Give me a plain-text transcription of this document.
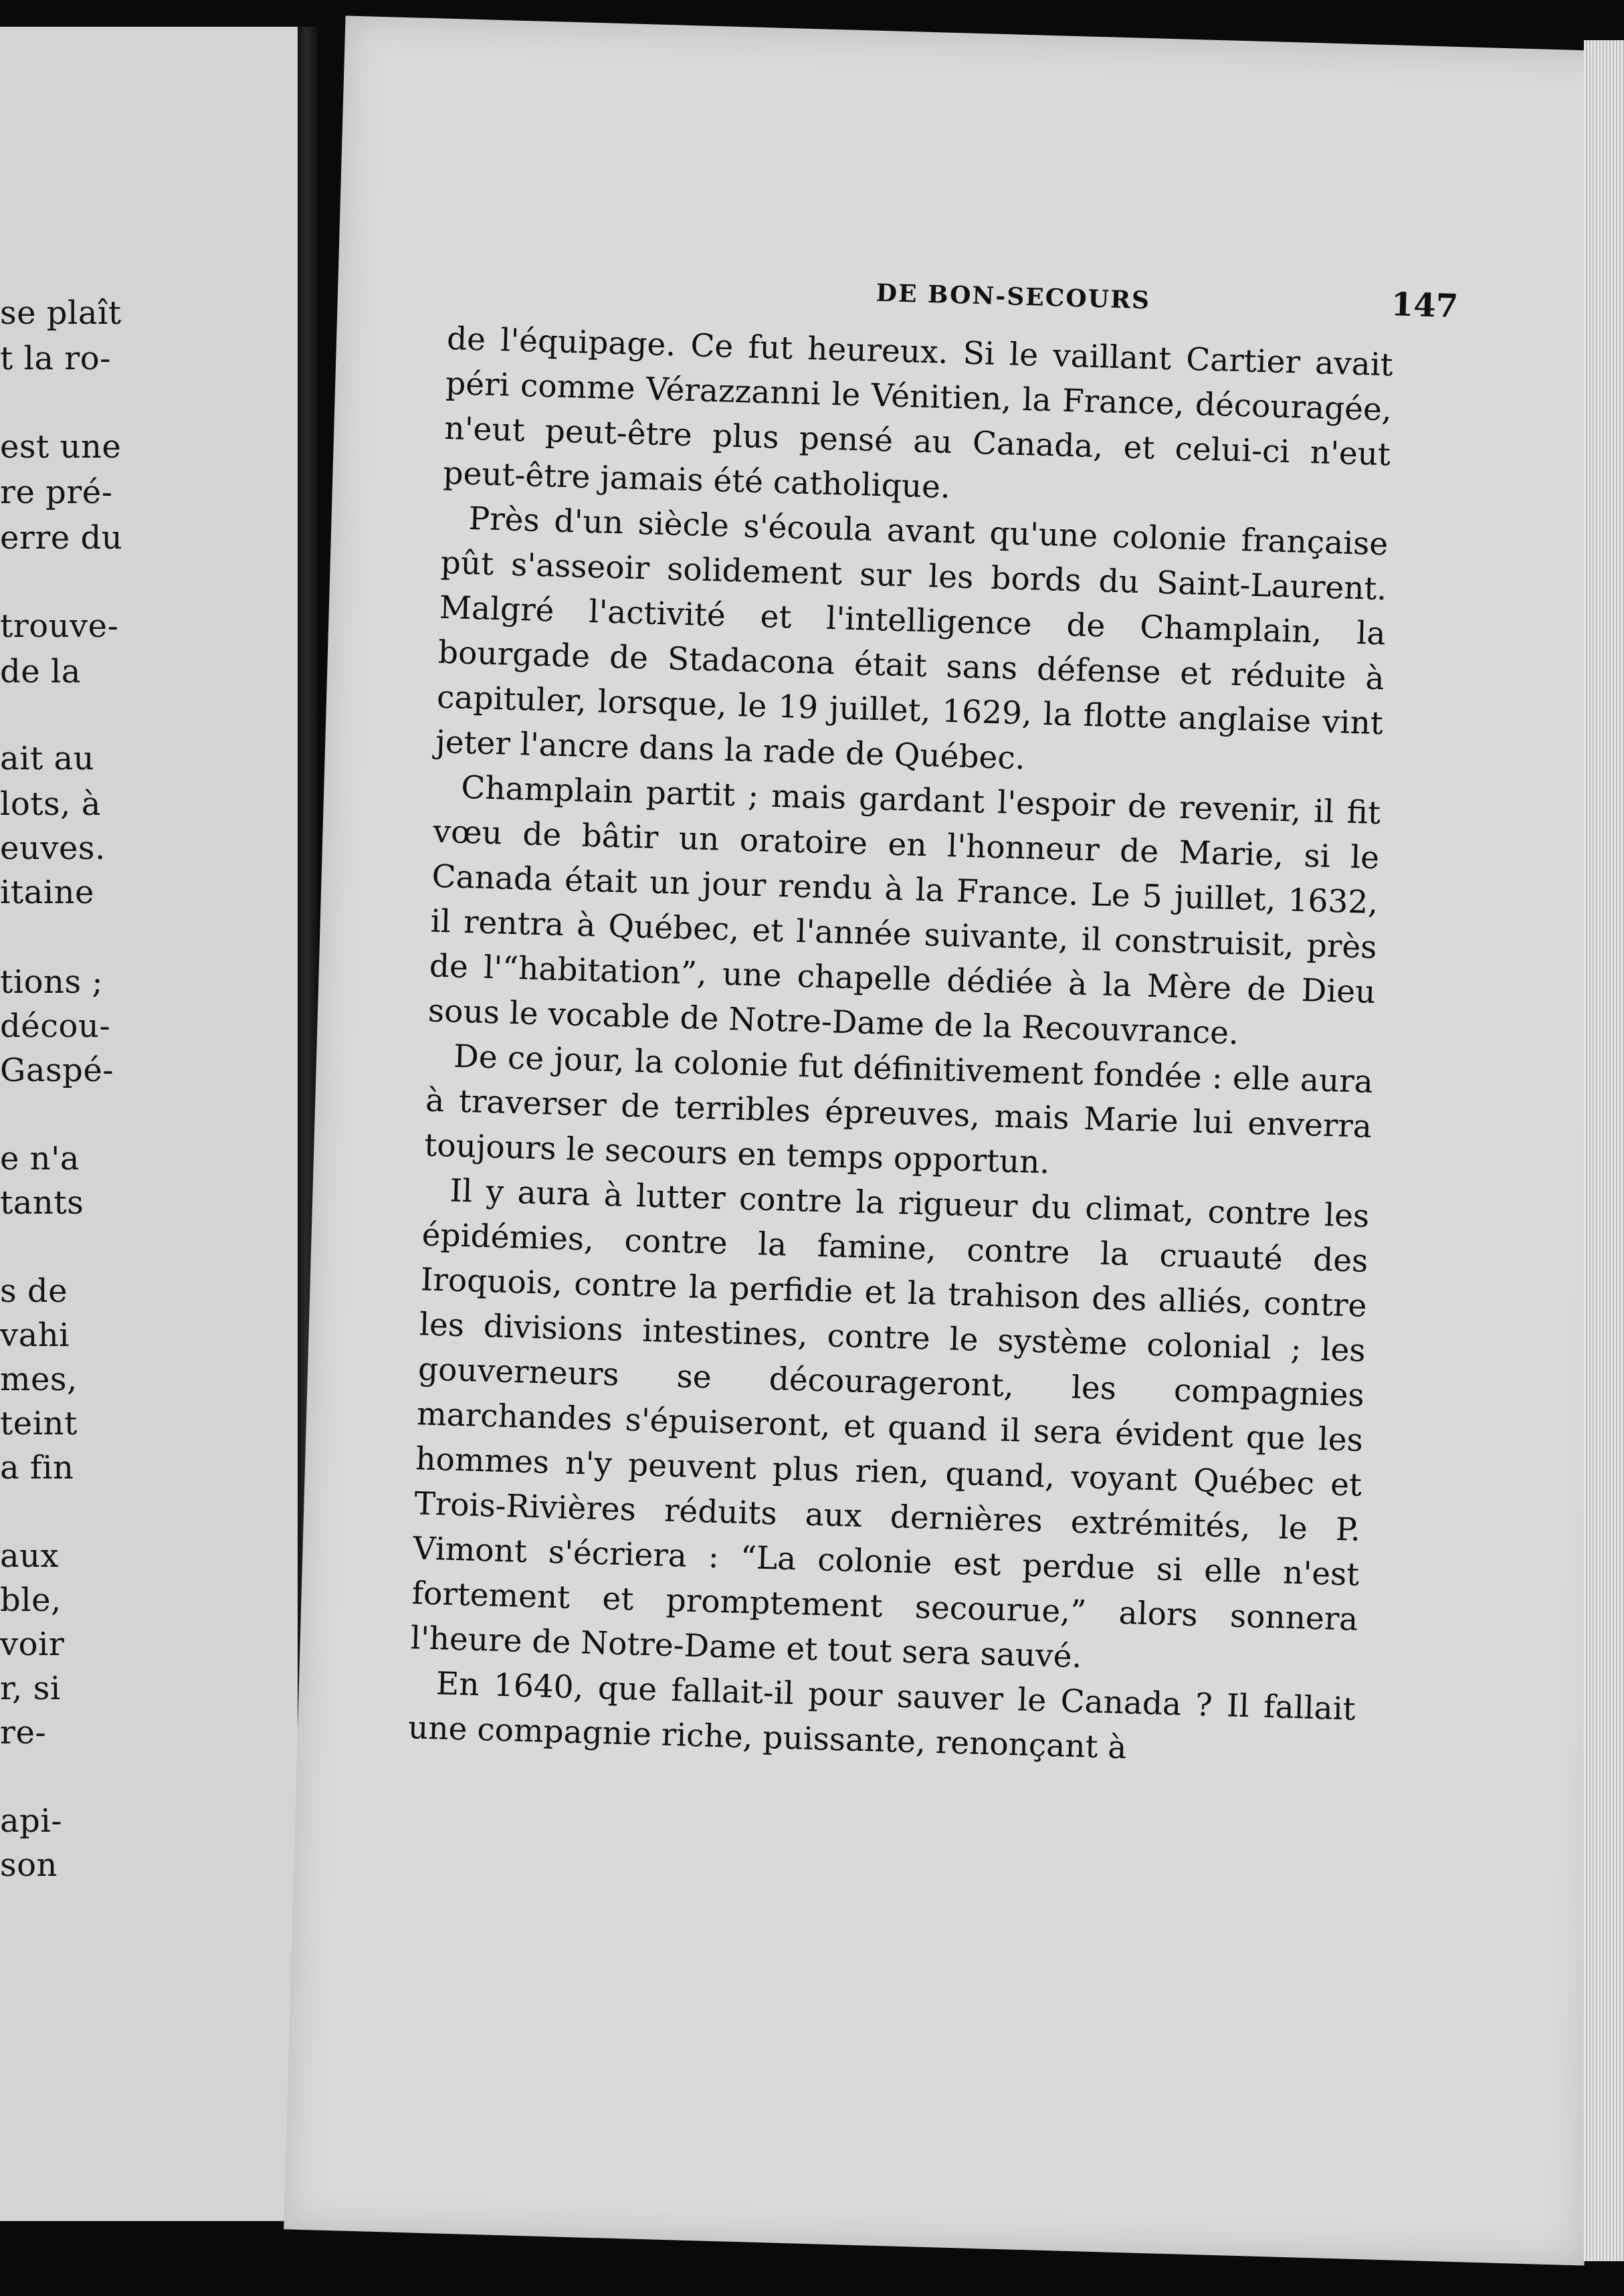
se plaît
t la ro-
est une
re pré-
erre du
trouve-
de la
ait au
lots, à
euves.
itaine
tions ;
décou-
Gaspé-
e n'a
tants
s de
vahi
mes,
teint
a fin
aux
ble,
voir
r, si
re-
api-
son
DE BON-SECOURS	147

de l'équipage. Ce fut heureux. Si le vaillant Cartier avait péri comme Vérazzanni le Vénitien, la France, découragée, n'eut peut-être plus pensé au Canada, et celui-ci n'eut peut-être jamais été catholique.

Près d'un siècle s'écoula avant qu'une colonie française pût s'asseoir solidement sur les bords du Saint-Laurent. Malgré l'activité et l'intelligence de Champlain, la bourgade de Stadacona était sans défense et réduite à capituler, lorsque, le 19 juillet, 1629, la flotte anglaise vint jeter l'ancre dans la rade de Québec.

Champlain partit ; mais gardant l'espoir de revenir, il fit vœu de bâtir un oratoire en l'honneur de Marie, si le Canada était un jour rendu à la France. Le 5 juillet, 1632, il rentra à Québec, et l'année suivante, il construisit, près de l'“habitation”, une chapelle dédiée à la Mère de Dieu sous le vocable de Notre-Dame de la Recouvrance.

De ce jour, la colonie fut définitivement fondée : elle aura à traverser de terribles épreuves, mais Marie lui enverra toujours le secours en temps opportun.

Il y aura à lutter contre la rigueur du climat, contre les épidémies, contre la famine, contre la cruauté des Iroquois, contre la perfidie et la trahison des alliés, contre les divisions intestines, contre le système colonial ; les gouverneurs se décourageront, les compagnies marchandes s'épuiseront, et quand il sera évident que les hommes n'y peuvent plus rien, quand, voyant Québec et Trois-Rivières réduits aux dernières extrémités, le P. Vimont s'écriera : “La colonie est perdue si elle n'est fortement et promptement secourue,” alors sonnera l'heure de Notre-Dame et tout sera sauvé.

En 1640, que fallait-il pour sauver le Canada ? Il fallait une compagnie riche, puissante, renonçant à
